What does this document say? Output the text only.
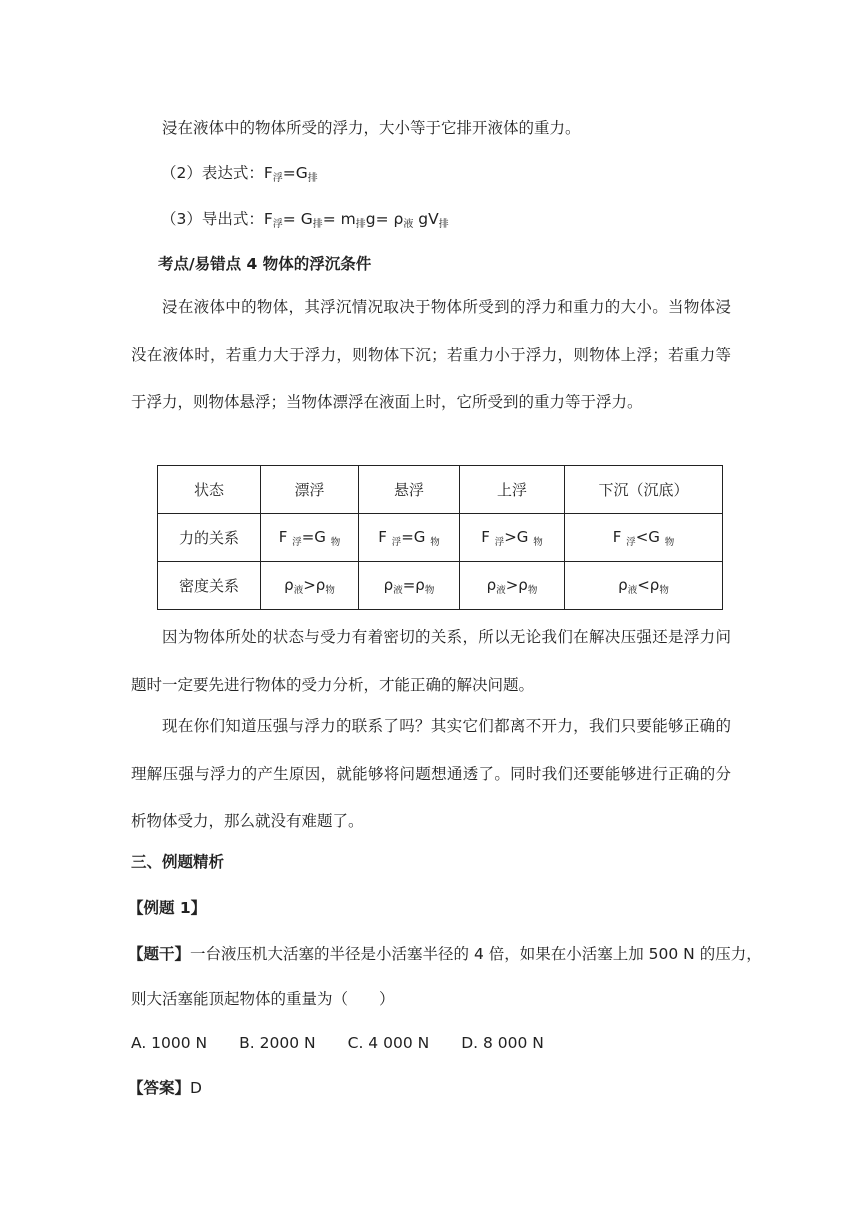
浸在液体中的物体所受的浮力，大小等于它排开液体的重力。
（2）表达式：$F_浮=G_排$
（3）导出式：$F_浮= G_排= m_排g= \rho_液$ $gV_排$
考点/易错点 4 物体的浮沉条件
浸在液体中的物体，其浮沉情况取决于物体所受到的浮力和重力的大小。当物体浸没在液体时，若重力大于浮力，则物体下沉；若重力小于浮力，则物体上浮；若重力等于浮力，则物体悬浮；当物体漂浮在液面上时，它所受到的重力等于浮力。
状态	漂浮	悬浮	上浮	下沉（沉底）
力的关系	F $_浮$=G $_物$	F $_浮$=G $_物$	F $_浮$>G $_物$	F $_浮$<G $_物$
密度关系	$\rho_液>\rho_物$	$\rho_液=\rho_物$	$\rho_液>\rho_物$	$\rho_液<\rho_物$
因为物体所处的状态与受力有着密切的关系，所以无论我们在解决压强还是浮力问题时一定要先进行物体的受力分析，才能正确的解决问题。
现在你们知道压强与浮力的联系了吗？其实它们都离不开力，我们只要能够正确的理解压强与浮力的产生原因，就能够将问题想通透了。同时我们还要能够进行正确的分析物体受力，那么就没有难题了。
三、例题精析
【例题 1】
【题干】一台液压机大活塞的半径是小活塞半径的 4 倍，如果在小活塞上加 500 N 的压力，
则大活塞能顶起物体的重量为（　　）
A. 1000 N B. 2000 N C. 4 000 N D. 8 000 N
【答案】D
